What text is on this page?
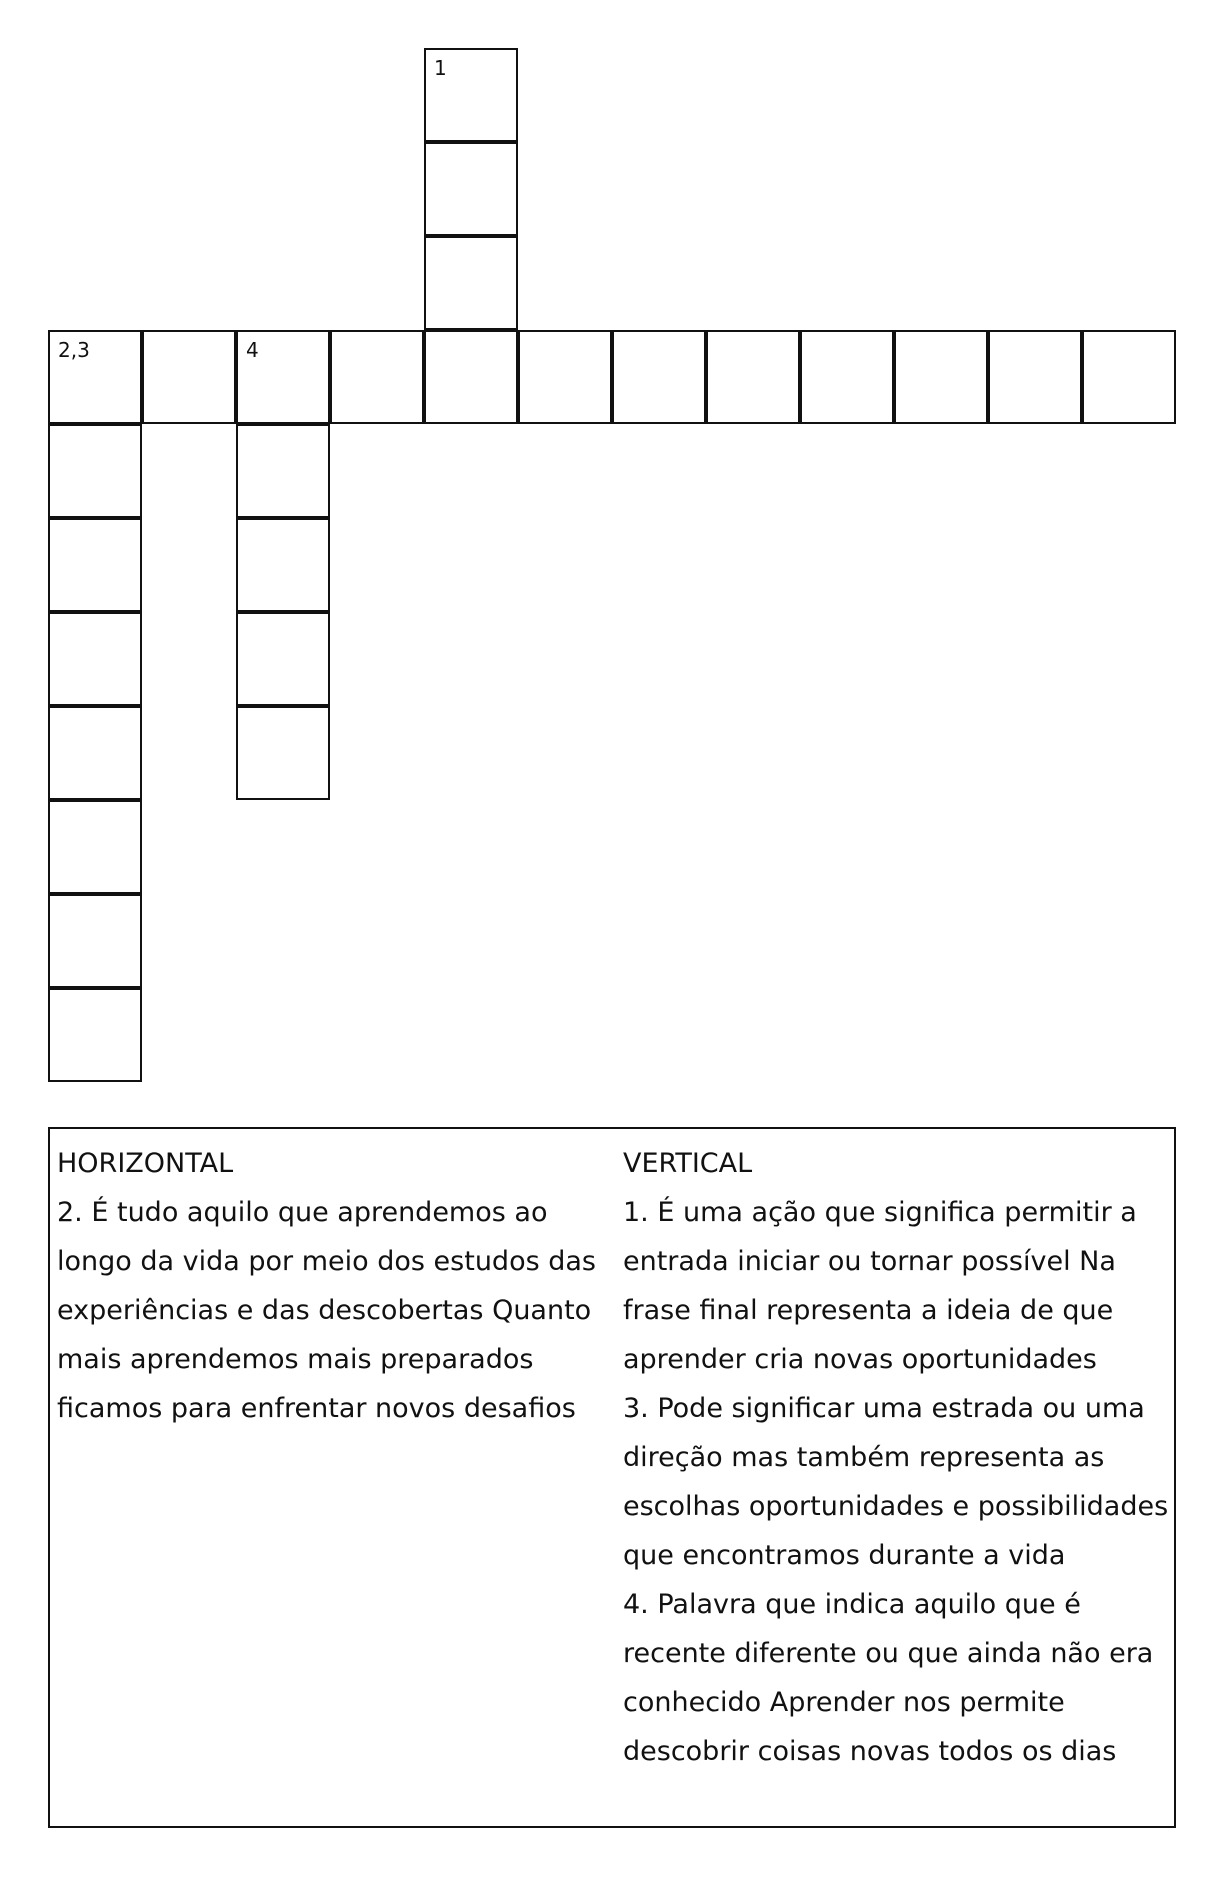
1
2,3	4
HORIZONTAL
2. É tudo aquilo que aprendemos ao longo da vida por meio dos estudos das experiências e das descobertas Quanto mais aprendemos mais preparados ficamos para enfrentar novos desafios
VERTICAL
1. É uma ação que significa permitir a entrada iniciar ou tornar possível Na frase final representa a ideia de que aprender cria novas oportunidades
3. Pode significar uma estrada ou uma direção mas também representa as escolhas oportunidades e possibilidades que encontramos durante a vida
4. Palavra que indica aquilo que é recente diferente ou que ainda não era conhecido Aprender nos permite descobrir coisas novas todos os dias
